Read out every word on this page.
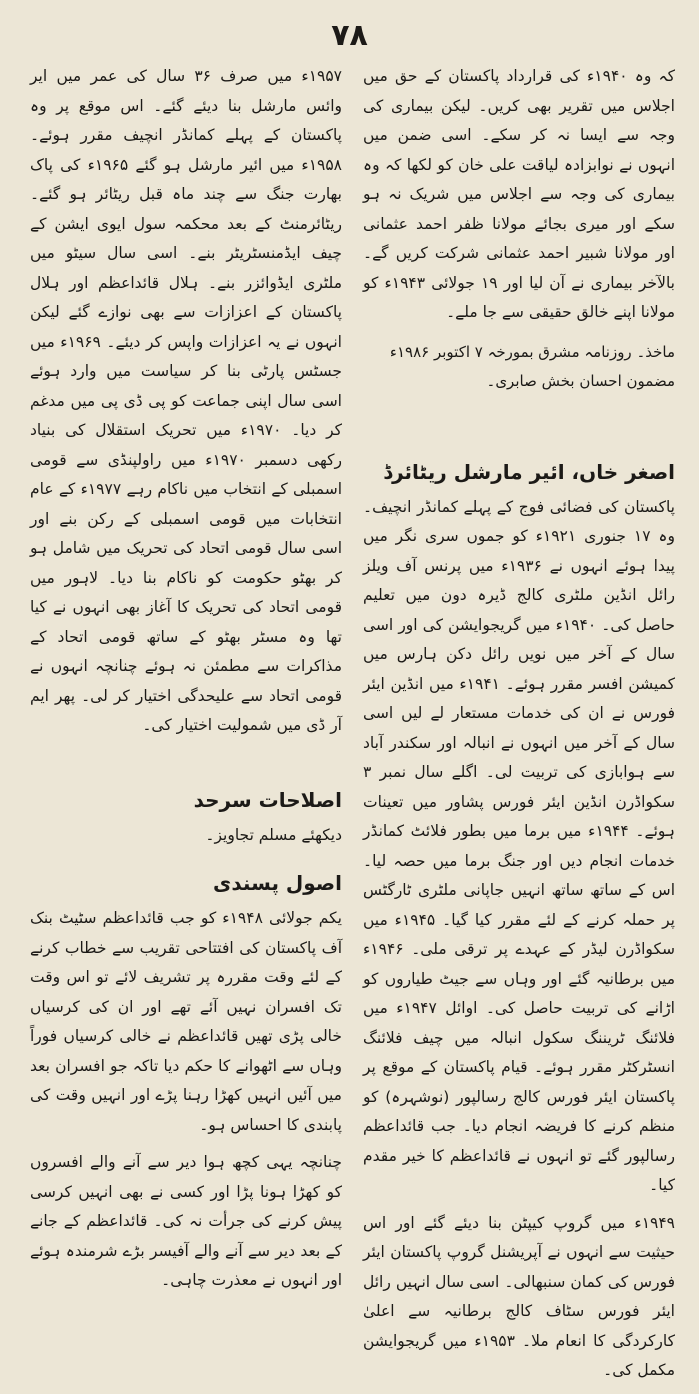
۷۸

کہ وہ ۱۹۴۰ء کی قرارداد پاکستان کے حق میں اجلاس میں تقریر بھی کریں۔ لیکن بیماری کی وجہ سے ایسا نہ کر سکے۔ اسی ضمن میں انہوں نے نوابزادہ لیاقت علی خان کو لکھا کہ وہ بیماری کی وجہ سے اجلاس میں شریک نہ ہو سکے اور میری بجائے مولانا ظفر احمد عثمانی اور مولانا شبیر احمد عثمانی شرکت کریں گے۔ بالآخر بیماری نے آن لیا اور ۱۹ جولائی ۱۹۴۳ء کو مولانا اپنے خالق حقیقی سے جا ملے۔

ماخذ۔ روزنامہ مشرق بمورخہ ۷ اکتوبر ۱۹۸۶ء

مضمون احسان بخش صابری۔

اصغر خاں، ائیر مارشل ریٹائرڈ

پاکستان کی فضائی فوج کے پہلے کمانڈر انچیف۔ وہ ۱۷ جنوری ۱۹۲۱ء کو جموں سری نگر میں پیدا ہوئے انہوں نے ۱۹۳۶ء میں پرنس آف ویلز رائل انڈین ملٹری کالج ڈیرہ دون میں تعلیم حاصل کی۔ ۱۹۴۰ء میں گریجوایشن کی اور اسی سال کے آخر میں نویں رائل دکن ہارس میں کمیشن افسر مقرر ہوئے۔ ۱۹۴۱ء میں انڈین ایئر فورس نے ان کی خدمات مستعار لے لیں اسی سال کے آخر میں انہوں نے انبالہ اور سکندر آباد سے ہوابازی کی تربیت لی۔ اگلے سال نمبر ۳ سکواڈرن انڈین ایئر فورس پشاور میں تعینات ہوئے۔ ۱۹۴۴ء میں برما میں بطور فلائٹ کمانڈر خدمات انجام دیں اور جنگ برما میں حصہ لیا۔ اس کے ساتھ ساتھ انہیں جاپانی ملٹری ٹارگٹس پر حملہ کرنے کے لئے مقرر کیا گیا۔ ۱۹۴۵ء میں سکواڈرن لیڈر کے عہدے پر ترقی ملی۔ ۱۹۴۶ء میں برطانیہ گئے اور وہاں سے جیٹ طیاروں کو اڑانے کی تربیت حاصل کی۔ اوائل ۱۹۴۷ء میں فلائنگ ٹریننگ سکول انبالہ میں چیف فلائنگ انسٹرکٹر مقرر ہوئے۔ قیام پاکستان کے موقع پر پاکستان ایئر فورس کالج رسالپور (نوشہرہ) کو منظم کرنے کا فریضہ انجام دیا۔ جب قائداعظم رسالپور گئے تو انہوں نے قائداعظم کا خیر مقدم کیا۔

۱۹۴۹ء میں گروپ کیپٹن بنا دیئے گئے اور اس حیثیت سے انہوں نے آپریشنل گروپ پاکستان ایئر فورس کی کمان سنبھالی۔ اسی سال انہیں رائل ایئر فورس سٹاف کالج برطانیہ سے اعلیٰ کارکردگی کا انعام ملا۔ ۱۹۵۳ء میں گریجوایشن مکمل کی۔

۱۹۵۷ء میں صرف ۳۶ سال کی عمر میں ایر وائس مارشل بنا دیئے گئے۔ اس موقع پر وہ پاکستان کے پہلے کمانڈر انچیف مقرر ہوئے۔ ۱۹۵۸ء میں ائیر مارشل ہو گئے ۱۹۶۵ء کی پاک بھارت جنگ سے چند ماہ قبل ریٹائر ہو گئے۔ ریٹائرمنٹ کے بعد محکمہ سول ایوی ایشن کے چیف ایڈمنسٹریٹر بنے۔ اسی سال سیٹو میں ملٹری ایڈوائزر بنے۔ ہلال قائداعظم اور ہلال پاکستان کے اعزازات سے بھی نوازے گئے لیکن انہوں نے یہ اعزازات واپس کر دیئے۔ ۱۹۶۹ء میں جسٹس پارٹی بنا کر سیاست میں وارد ہوئے اسی سال اپنی جماعت کو پی ڈی پی میں مدغم کر دیا۔ ۱۹۷۰ء میں تحریک استقلال کی بنیاد رکھی دسمبر ۱۹۷۰ء میں راولپنڈی سے قومی اسمبلی کے انتخاب میں ناکام رہے ۱۹۷۷ء کے عام انتخابات میں قومی اسمبلی کے رکن بنے اور اسی سال قومی اتحاد کی تحریک میں شامل ہو کر بھٹو حکومت کو ناکام بنا دیا۔ لاہور میں قومی اتحاد کی تحریک کا آغاز بھی انہوں نے کیا تھا وہ مسٹر بھٹو کے ساتھ قومی اتحاد کے مذاکرات سے مطمئن نہ ہوئے چنانچہ انہوں نے قومی اتحاد سے علیحدگی اختیار کر لی۔ پھر ایم آر ڈی میں شمولیت اختیار کی۔

اصلاحات سرحد

دیکھئے مسلم تجاویز۔

اصول پسندی

یکم جولائی ۱۹۴۸ء کو جب قائداعظم سٹیٹ بنک آف پاکستان کی افتتاحی تقریب سے خطاب کرنے کے لئے وقت مقررہ پر تشریف لائے تو اس وقت تک افسران نہیں آئے تھے اور ان کی کرسیاں خالی پڑی تھیں قائداعظم نے خالی کرسیاں فوراً وہاں سے اٹھوانے کا حکم دیا تاکہ جو افسران بعد میں آئیں انہیں کھڑا رہنا پڑے اور انہیں وقت کی پابندی کا احساس ہو۔

چنانچہ یہی کچھ ہوا دیر سے آنے والے افسروں کو کھڑا ہونا پڑا اور کسی نے بھی انہیں کرسی پیش کرنے کی جرأت نہ کی۔ قائداعظم کے جانے کے بعد دیر سے آنے والے آفیسر بڑے شرمندہ ہوئے اور انہوں نے معذرت چاہی۔
